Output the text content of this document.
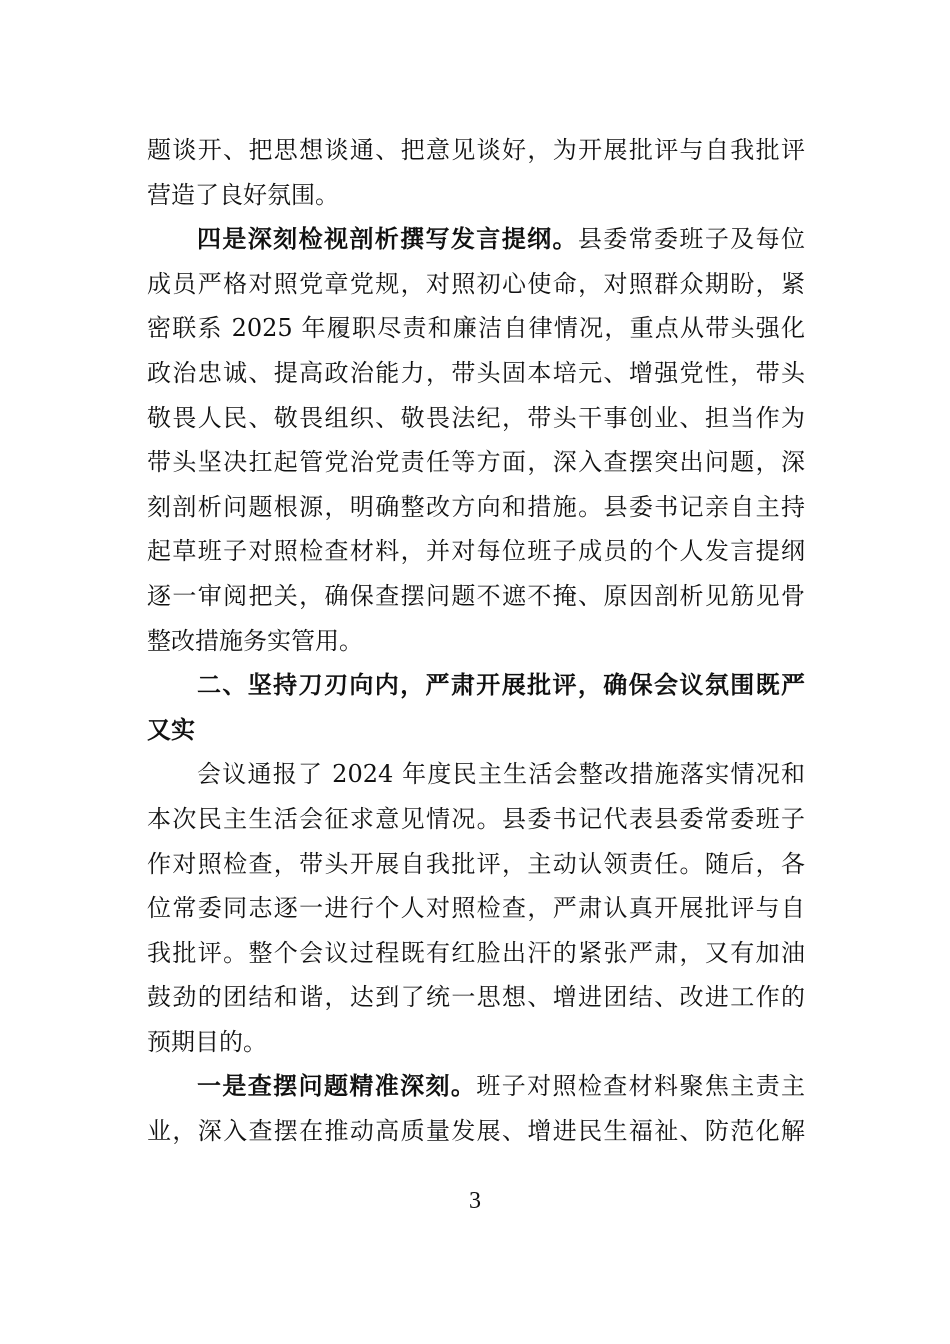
题谈开、把思想谈通、把意见谈好，为开展批评与自我批评
营造了良好氛围。
四是深刻检视剖析撰写发言提纲。县委常委班子及每位
成员严格对照党章党规，对照初心使命，对照群众期盼，紧
密联系 2025 年履职尽责和廉洁自律情况，重点从带头强化
政治忠诚、提高政治能力，带头固本培元、增强党性，带头
敬畏人民、敬畏组织、敬畏法纪，带头干事创业、担当作为
带头坚决扛起管党治党责任等方面，深入查摆突出问题，深
刻剖析问题根源，明确整改方向和措施。县委书记亲自主持
起草班子对照检查材料，并对每位班子成员的个人发言提纲
逐一审阅把关，确保查摆问题不遮不掩、原因剖析见筋见骨
整改措施务实管用。
二、坚持刀刃向内，严肃开展批评，确保会议氛围既严
又实
会议通报了 2024 年度民主生活会整改措施落实情况和
本次民主生活会征求意见情况。县委书记代表县委常委班子
作对照检查，带头开展自我批评，主动认领责任。随后，各
位常委同志逐一进行个人对照检查，严肃认真开展批评与自
我批评。整个会议过程既有红脸出汗的紧张严肃，又有加油
鼓劲的团结和谐，达到了统一思想、增进团结、改进工作的
预期目的。
一是查摆问题精准深刻。班子对照检查材料聚焦主责主
业，深入查摆在推动高质量发展、增进民生福祉、防范化解
3
